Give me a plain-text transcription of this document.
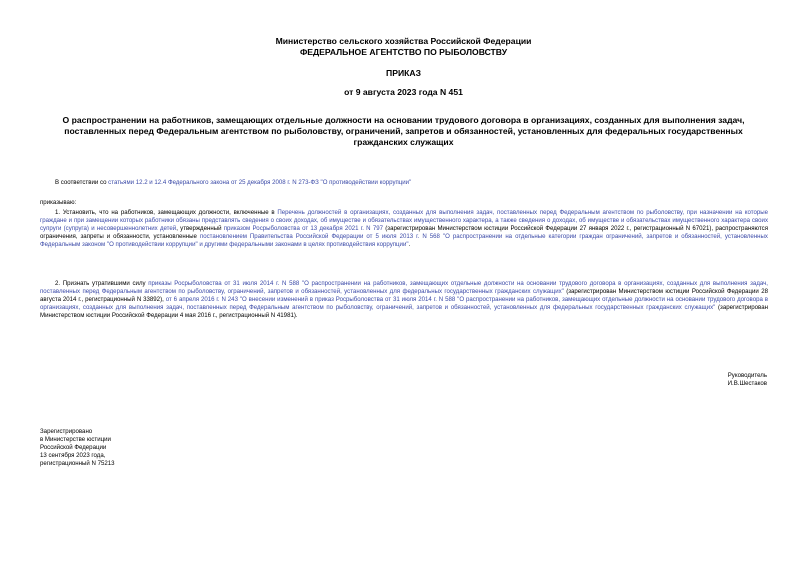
Министерство сельского хозяйства Российской Федерации
ФЕДЕРАЛЬНОЕ АГЕНТСТВО ПО РЫБОЛОВСТВУ
ПРИКАЗ
от 9 августа 2023 года N 451
О распространении на работников, замещающих отдельные должности на основании трудового договора в организациях, созданных для выполнения задач, поставленных перед Федеральным агентством по рыболовству, ограничений, запретов и обязанностей, установленных для федеральных государственных гражданских служащих
В соответствии со статьями 12.2 и 12.4 Федерального закона от 25 декабря 2008 г. N 273-ФЗ "О противодействии коррупции"
приказываю:
1. Установить, что на работников, замещающих должности, включенные в Перечень должностей в организациях, созданных для выполнения задач, поставленных перед Федеральным агентством по рыболовству, при назначении на которые граждане и при замещении которых работники обязаны представлять сведения о своих доходах, об имуществе и обязательствах имущественного характера, а также сведения о доходах, об имуществе и обязательствах имущественного характера своих супруги (супруга) и несовершеннолетних детей, утвержденный приказом Росрыболовства от 13 декабря 2021 г. N 797 (зарегистрирован Министерством юстиции Российской Федерации 27 января 2022 г., регистрационный N 67021), распространяются ограничения, запреты и обязанности, установленные постановлением Правительства Российской Федерации от 5 июля 2013 г. N 568 "О распространении на отдельные категории граждан ограничений, запретов и обязанностей, установленных Федеральным законом "О противодействии коррупции" и другими федеральными законами в целях противодействия коррупции".
2. Признать утратившими силу приказы Росрыболовства от 31 июля 2014 г. N 588 "О распространении на работников, замещающих отдельные должности на основании трудового договора в организациях, созданных для выполнения задач, поставленных перед Федеральным агентством по рыболовству, ограничений, запретов и обязанностей, установленных для федеральных государственных гражданских служащих" (зарегистрирован Министерством юстиции Российской Федерации 28 августа 2014 г., регистрационный N 33892), от 6 апреля 2016 г. N 243 "О внесении изменений в приказ Росрыболовства от 31 июля 2014 г. N 588 "О распространении на работников, замещающих отдельные должности на основании трудового договора в организациях, созданных для выполнения задач, поставленных перед Федеральным агентством по рыболовству, ограничений, запретов и обязанностей, установленных для федеральных государственных гражданских служащих" (зарегистрирован Министерством юстиции Российской Федерации 4 мая 2016 г., регистрационный N 41981).
Руководитель
И.В.Шестаков
Зарегистрировано
в Министерстве юстиции
Российской Федерации
13 сентября 2023 года,
регистрационный N 75213
